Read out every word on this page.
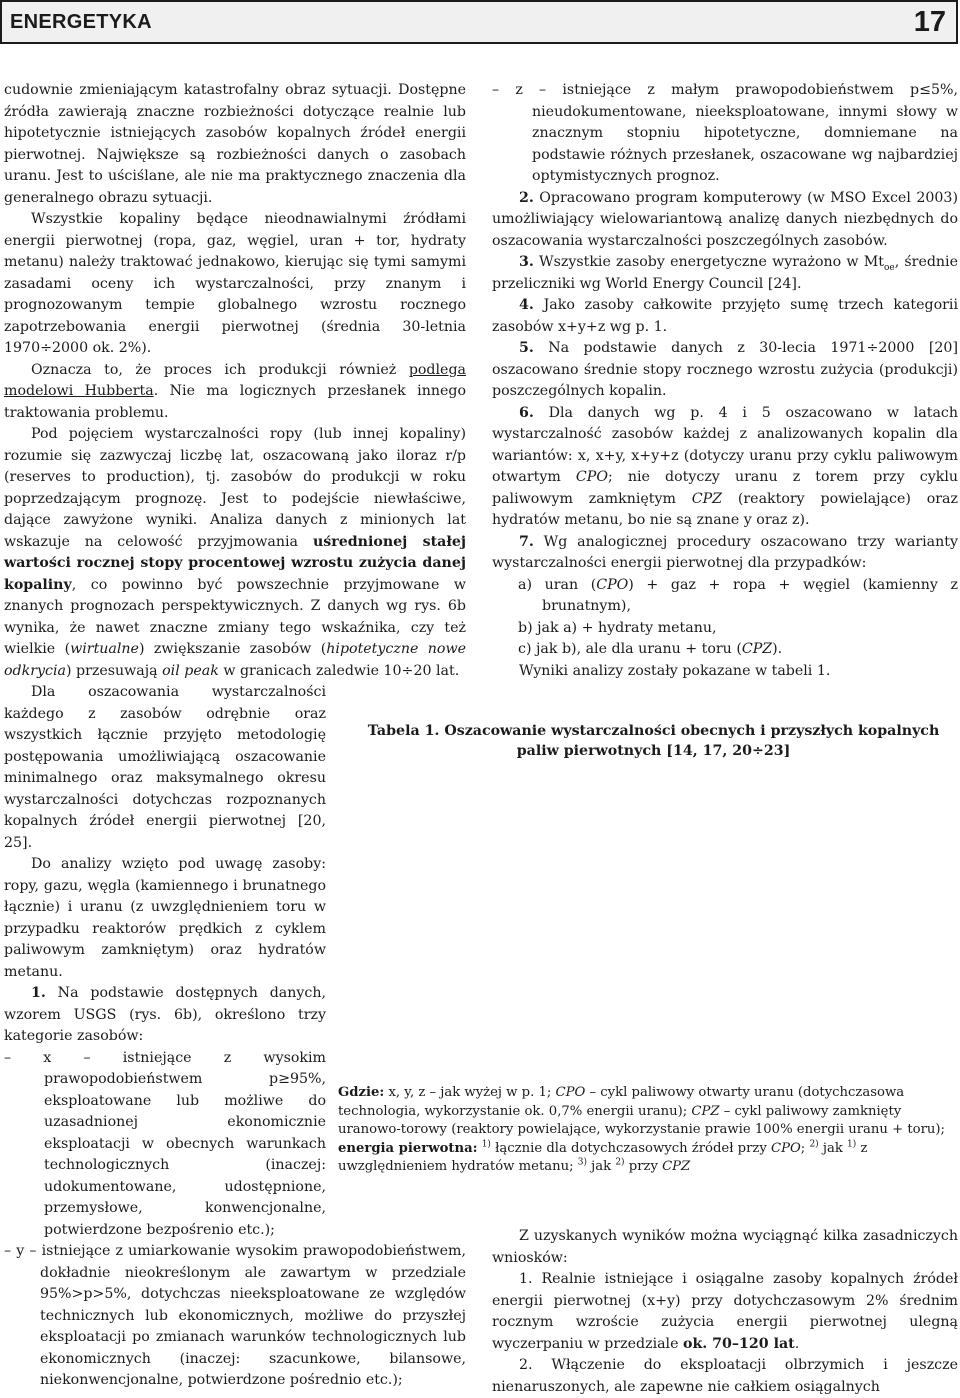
ENERGETYKA	17

cudownie zmieniającym katastrofalny obraz sytuacji. Dostępne źródła zawierają znaczne rozbieżności dotyczące realnie lub hipotetycznie istniejących zasobów kopalnych źródeł energii pierwotnej. Największe są rozbieżności danych o zasobach uranu. Jest to uściślane, ale nie ma praktycznego znaczenia dla generalnego obrazu sytuacji.

Wszystkie kopaliny będące nieodnawialnymi źródłami energii pierwotnej (ropa, gaz, węgiel, uran + tor, hydraty metanu) należy traktować jednakowo, kierując się tymi samymi zasadami oceny ich wystarczalności, przy znanym i prognozowanym tempie globalnego wzrostu rocznego zapotrzebowania energii pierwotnej (średnia 30-letnia 1970÷2000 ok. 2%).

Oznacza to, że proces ich produkcji również podlega modelowi Hubberta. Nie ma logicznych przesłanek innego traktowania problemu.

Pod pojęciem wystarczalności ropy (lub innej kopaliny) rozumie się zazwyczaj liczbę lat, oszacowaną jako iloraz r/p (reserves to production), tj. zasobów do produkcji w roku poprzedzającym prognozę. Jest to podejście niewłaściwe, dające zawyżone wyniki. Analiza danych z minionych lat wskazuje na celowość przyjmowania uśrednionej stałej wartości rocznej stopy procentowej wzrostu zużycia danej kopaliny, co powinno być powszechnie przyjmowane w znanych prognozach perspektywicznych. Z danych wg rys. 6b wynika, że nawet znaczne zmiany tego wskaźnika, czy też wielkie (wirtualne) zwiększanie zasobów (hipotetyczne nowe odkrycia) przesuwają oil peak w granicach zaledwie 10÷20 lat.

Dla oszacowania wystarczalności każdego z zasobów odrębnie oraz wszystkich łącznie przyjęto metodologię postępowania umożliwiającą oszacowanie minimalnego oraz maksymalnego okresu wystarczalności dotychczas rozpoznanych kopalnych źródeł energii pierwotnej [20, 25].

Do analizy wzięto pod uwagę zasoby: ropy, gazu, węgla (kamiennego i brunatnego łącznie) i uranu (z uwzględnieniem toru w przypadku reaktorów prędkich z cyklem paliwowym zamkniętym) oraz hydratów metanu.

1. Na podstawie dostępnych danych, wzorem USGS (rys. 6b), określono trzy kategorie zasobów:

– x – istniejące z wysokim prawopodobieństwem p≥95%, eksploatowane lub możliwe do uzasadnionej ekonomicznie eksploatacji w obecnych warunkach technologicznych (inaczej: udokumentowane, udostępnione, przemysłowe, konwencjonalne, potwierdzone bezpośrenio etc.);

– y – istniejące z umiarkowanie wysokim prawopodobieństwem, dokładnie nieokreślonym ale zawartym w przedziale 95%>p>5%, dotychczas nieeksploatowane ze względów technicznych lub ekonomicznych, możliwe do przyszłej eksploatacji po zmianach warunków technologicznych lub ekonomicznych (inaczej: szacunkowe, bilansowe, niekonwencjonalne, potwierdzone pośrednio etc.);

– z – istniejące z małym prawopodobieństwem p≤5%, nieudokumentowane, nieeksploatowane, innymi słowy w znacznym stopniu hipotetyczne, domniemane na podstawie różnych przesłanek, oszacowane wg najbardziej optymistycznych prognoz.

2. Opracowano program komputerowy (w MSO Excel 2003) umożliwiający wielowariantową analizę danych niezbędnych do oszacowania wystarczalności poszczególnych zasobów.

3. Wszystkie zasoby energetyczne wyrażono w $Mt_{oe}$, średnie przeliczniki wg World Energy Council [24].

4. Jako zasoby całkowite przyjęto sumę trzech kategorii zasobów x+y+z wg p. 1.

5. Na podstawie danych z 30-lecia 1971÷2000 [20] oszacowano średnie stopy rocznego wzrostu zużycia (produkcji) poszczególnych kopalin.

6. Dla danych wg p. 4 i 5 oszacowano w latach wystarczalność zasobów każdej z analizowanych kopalin dla wariantów: x, x+y, x+y+z (dotyczy uranu przy cyklu paliwowym otwartym CPO; nie dotyczy uranu z torem przy cyklu paliwowym zamkniętym CPZ (reaktory powielające) oraz hydratów metanu, bo nie są znane y oraz z).

7. Wg analogicznej procedury oszacowano trzy warianty wystarczalności energii pierwotnej dla przypadków:

a) uran (CPO) + gaz + ropa + węgiel (kamienny z brunatnym),

b) jak a) + hydraty metanu,

c) jak b), ale dla uranu + toru (CPZ).

Wyniki analizy zostały pokazane w tabeli 1.

Tabela 1. Oszacowanie wystarczalności obecnych i przyszłych kopalnych
paliw pierwotnych [14, 17, 20÷23]
Gdzie: x, y, z – jak wyżej w p. 1; CPO – cykl paliwowy otwarty uranu (dotychczasowa technologia, wykorzystanie ok. 0,7% energii uranu); CPZ – cykl paliwowy zamknięty uranowo-torowy (reaktory powielające, wykorzystanie prawie 100% energii uranu + toru); energia pierwotna: $^{1)}$ łącznie dla dotychczasowych źródeł przy CPO; $^{2)}$ jak $^{1)}$ z uwzględnieniem hydratów metanu; $^{3)}$ jak $^{2)}$ przy CPZ

Z uzyskanych wyników można wyciągnąć kilka zasadniczych wniosków:

1. Realnie istniejące i osiągalne zasoby kopalnych źródeł energii pierwotnej (x+y) przy dotychczasowym 2% średnim rocznym wzroście zużycia energii pierwotnej ulegną wyczerpaniu w przedziale ok. 70–120 lat.

2. Włączenie do eksploatacji olbrzymich i jeszcze nienaruszonych, ale zapewne nie całkiem osiągalnych
